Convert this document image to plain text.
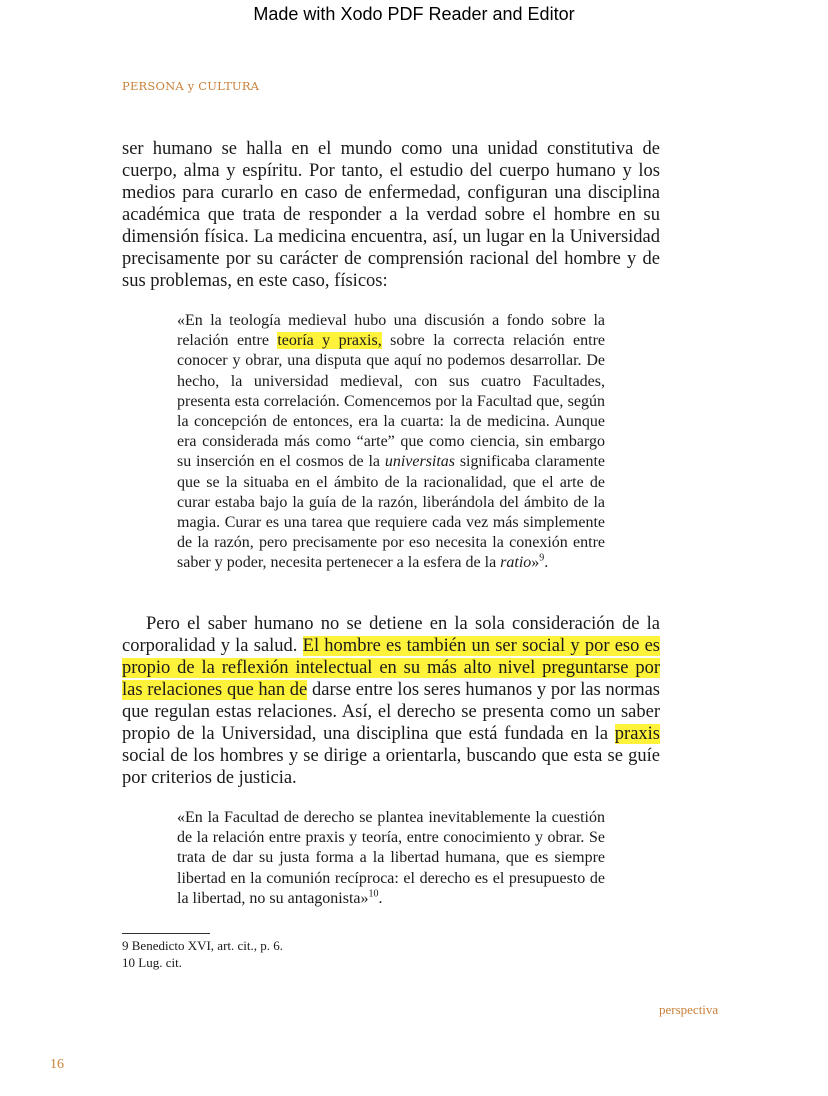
Made with Xodo PDF Reader and Editor
PERSONA y CULTURA

ser humano se halla en el mundo como una unidad constitutiva de cuerpo, alma y espíritu. Por tanto, el estudio del cuerpo humano y los medios para curarlo en caso de enfermedad, configuran una disciplina académica que trata de responder a la verdad sobre el hombre en su dimensión física. La medicina encuentra, así, un lugar en la Universidad precisamente por su carácter de comprensión racional del hombre y de sus problemas, en este caso, físicos:

«En la teología medieval hubo una discusión a fondo sobre la relación entre teoría y praxis, sobre la correcta relación entre conocer y obrar, una disputa que aquí no podemos desarrollar. De hecho, la universidad medieval, con sus cuatro Facultades, presenta esta correlación. Comencemos por la Facultad que, según la concepción de entonces, era la cuarta: la de medicina. Aunque era considerada más como “arte” que como ciencia, sin embargo su inserción en el cosmos de la universitas significaba claramente que se la situaba en el ámbito de la racionalidad, que el arte de curar estaba bajo la guía de la razón, liberándola del ámbito de la magia. Curar es una tarea que requiere cada vez más simplemente de la razón, pero precisamente por eso necesita la conexión entre saber y poder, necesita pertenecer a la esfera de la ratio»$^9$.

Pero el saber humano no se detiene en la sola consideración de la corporalidad y la salud. El hombre es también un ser social y por eso es propio de la reflexión intelectual en su más alto nivel preguntarse por las relaciones que han de darse entre los seres humanos y por las normas que regulan estas relaciones. Así, el derecho se presenta como un saber propio de la Universidad, una disciplina que está fundada en la praxis social de los hombres y se dirige a orientarla, buscando que esta se guíe por criterios de justicia.

«En la Facultad de derecho se plantea inevitablemente la cuestión de la relación entre praxis y teoría, entre conocimiento y obrar. Se trata de dar su justa forma a la libertad humana, que es siempre libertad en la comunión recíproca: el derecho es el presupuesto de la libertad, no su antagonista»$^{10}$.

9 Benedicto XVI, art. cit., p. 6.
10 Lug. cit.
perspectiva
16
